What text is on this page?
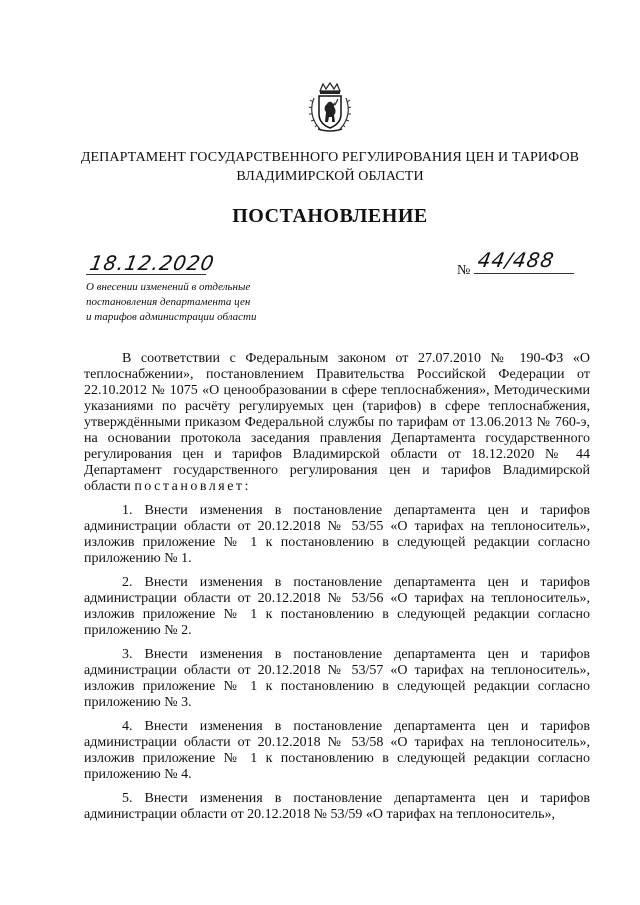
ДЕПАРТАМЕНТ ГОСУДАРСТВЕННОГО РЕГУЛИРОВАНИЯ ЦЕН И ТАРИФОВ
ВЛАДИМИРСКОЙ ОБЛАСТИ
ПОСТАНОВЛЕНИЕ
18.12.2020	№ 44/488
О внесении изменений в отдельные
постановления департамента цен
и тарифов администрации области

В соответствии с Федеральным законом от 27.07.2010 № 190-ФЗ «О теплоснабжении», постановлением Правительства Российской Федерации от 22.10.2012 № 1075 «О ценообразовании в сфере теплоснабжения», Методическими указаниями по расчёту регулируемых цен (тарифов) в сфере теплоснабжения, утверждёнными приказом Федеральной службы по тарифам от 13.06.2013 № 760-э, на основании протокола заседания правления Департамента государственного регулирования цен и тарифов Владимирской области от 18.12.2020 № 44 Департамент государственного регулирования цен и тарифов Владимирской области постановляет:

1. Внести изменения в постановление департамента цен и тарифов администрации области от 20.12.2018 № 53/55 «О тарифах на теплоноситель», изложив приложение № 1 к постановлению в следующей редакции согласно приложению № 1.

2. Внести изменения в постановление департамента цен и тарифов администрации области от 20.12.2018 № 53/56 «О тарифах на теплоноситель», изложив приложение № 1 к постановлению в следующей редакции согласно приложению № 2.

3. Внести изменения в постановление департамента цен и тарифов администрации области от 20.12.2018 № 53/57 «О тарифах на теплоноситель», изложив приложение № 1 к постановлению в следующей редакции согласно приложению № 3.

4. Внести изменения в постановление департамента цен и тарифов администрации области от 20.12.2018 № 53/58 «О тарифах на теплоноситель», изложив приложение № 1 к постановлению в следующей редакции согласно приложению № 4.

5. Внести изменения в постановление департамента цен и тарифов администрации области от 20.12.2018 № 53/59 «О тарифах на теплоноситель»,
